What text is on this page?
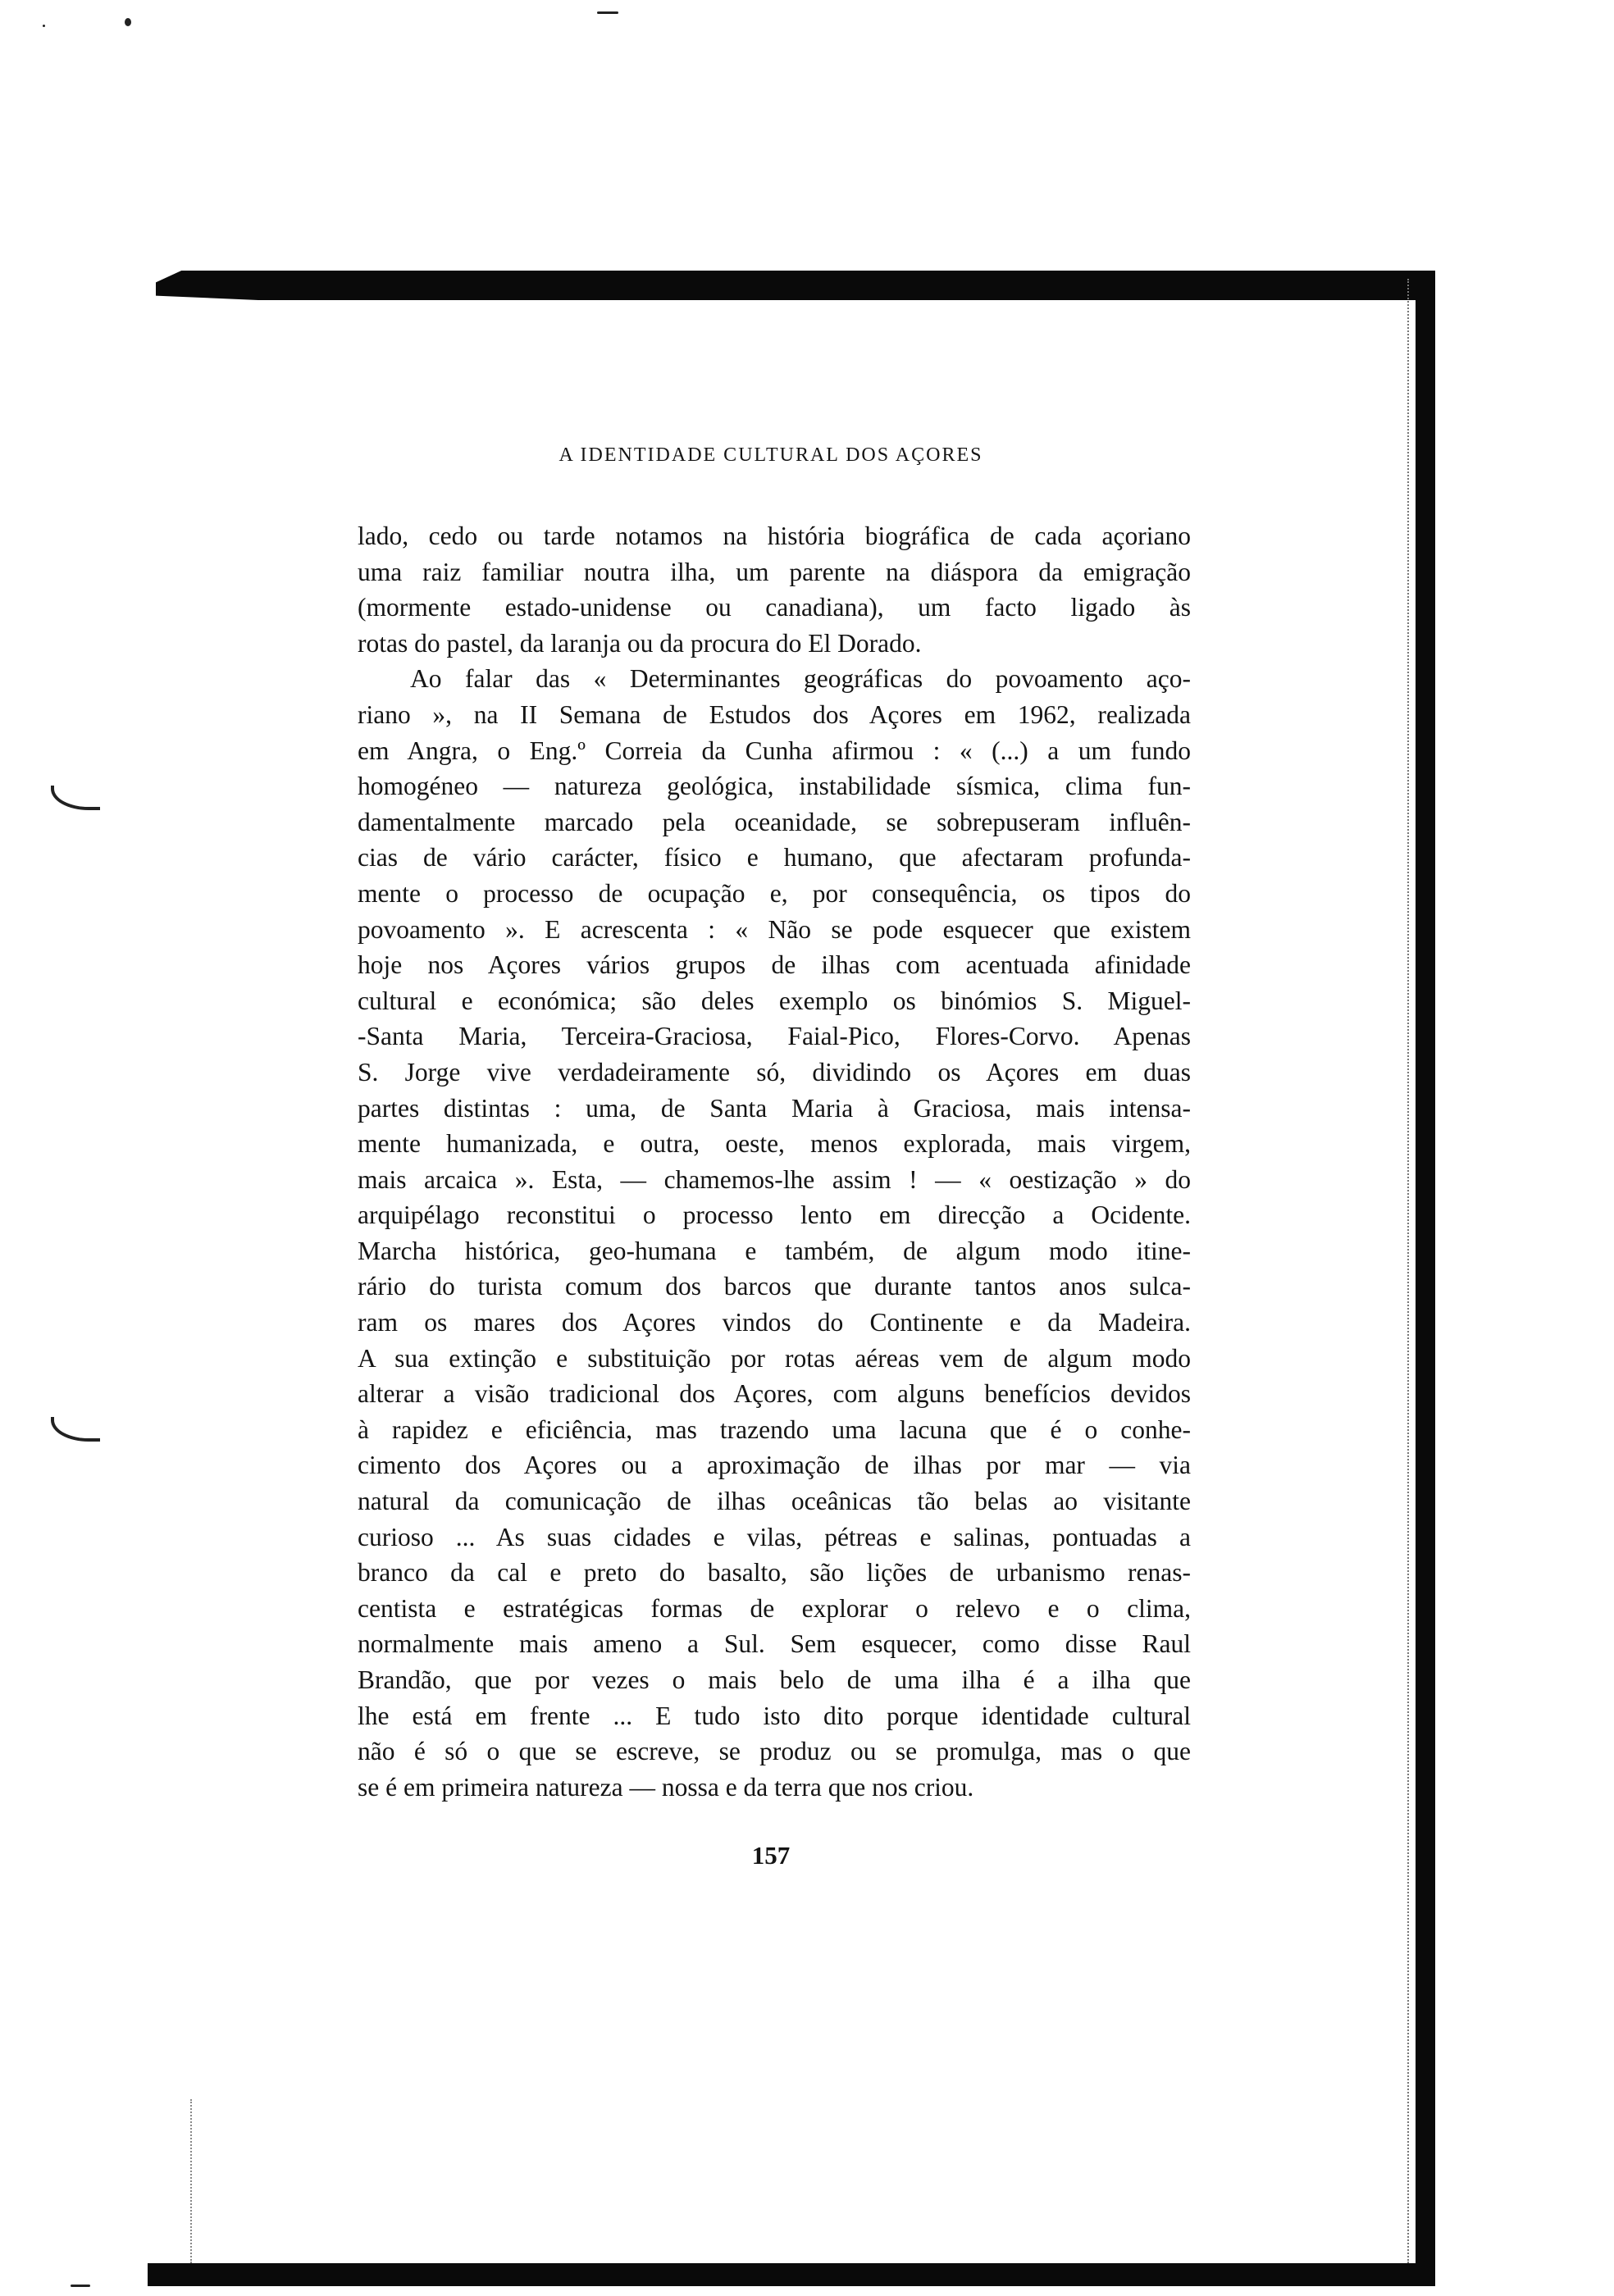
A IDENTIDADE CULTURAL DOS AÇORES
lado, cedo ou tarde notamos na história biográfica de cada açoriano
uma raiz familiar noutra ilha, um parente na diáspora da emigração
(mormente estado-unidense ou canadiana), um facto ligado às
rotas do pastel, da laranja ou da procura do El Dorado.
Ao falar das « Determinantes geográficas do povoamento aço-
riano », na II Semana de Estudos dos Açores em 1962, realizada
em Angra, o Eng.º Correia da Cunha afirmou : « (...) a um fundo
homogéneo — natureza geológica, instabilidade sísmica, clima fun-
damentalmente marcado pela oceanidade, se sobrepuseram influên-
cias de vário carácter, físico e humano, que afectaram profunda-
mente o processo de ocupação e, por consequência, os tipos do
povoamento ». E acrescenta : « Não se pode esquecer que existem
hoje nos Açores vários grupos de ilhas com acentuada afinidade
cultural e económica; são deles exemplo os binómios S. Miguel-
-Santa Maria, Terceira-Graciosa, Faial-Pico, Flores-Corvo. Apenas
S. Jorge vive verdadeiramente só, dividindo os Açores em duas
partes distintas : uma, de Santa Maria à Graciosa, mais intensa-
mente humanizada, e outra, oeste, menos explorada, mais virgem,
mais arcaica ». Esta, — chamemos-lhe assim ! — « oestização » do
arquipélago reconstitui o processo lento em direcção a Ocidente.
Marcha histórica, geo-humana e também, de algum modo itine-
rário do turista comum dos barcos que durante tantos anos sulca-
ram os mares dos Açores vindos do Continente e da Madeira.
A sua extinção e substituição por rotas aéreas vem de algum modo
alterar a visão tradicional dos Açores, com alguns benefícios devidos
à rapidez e eficiência, mas trazendo uma lacuna que é o conhe-
cimento dos Açores ou a aproximação de ilhas por mar — via
natural da comunicação de ilhas oceânicas tão belas ao visitante
curioso ... As suas cidades e vilas, pétreas e salinas, pontuadas a
branco da cal e preto do basalto, são lições de urbanismo renas-
centista e estratégicas formas de explorar o relevo e o clima,
normalmente mais ameno a Sul. Sem esquecer, como disse Raul
Brandão, que por vezes o mais belo de uma ilha é a ilha que
lhe está em frente ... E tudo isto dito porque identidade cultural
não é só o que se escreve, se produz ou se promulga, mas o que
se é em primeira natureza — nossa e da terra que nos criou.
157
